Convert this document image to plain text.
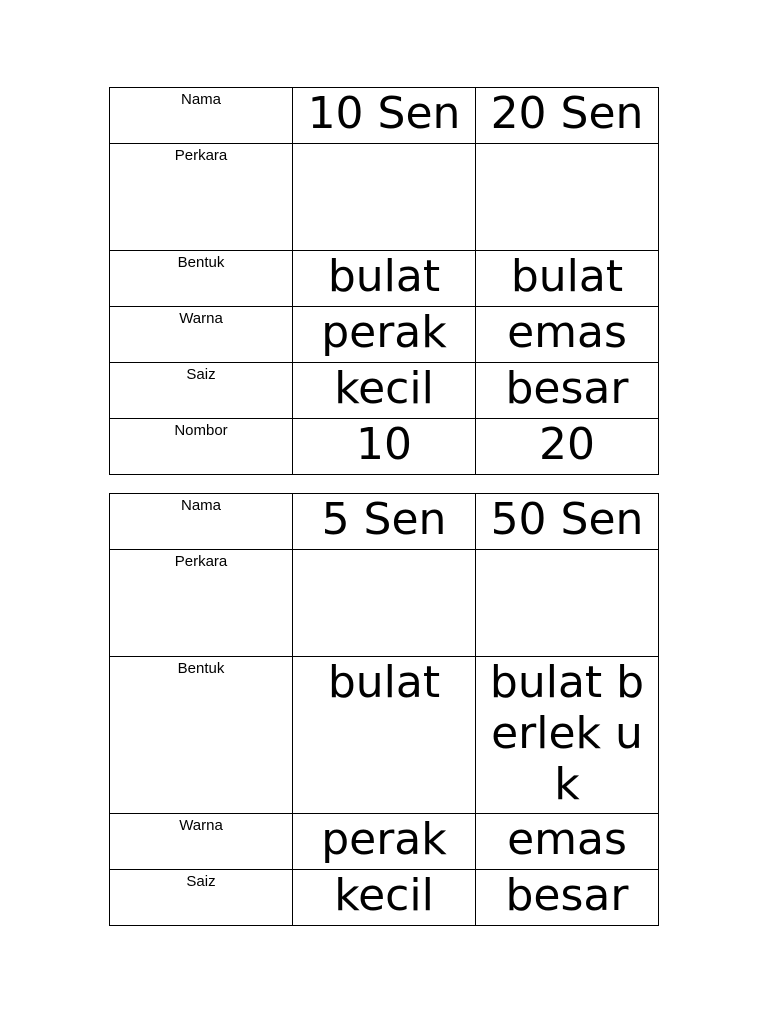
Nama	10 Sen	20 Sen
Perkara		
Bentuk	bulat	bulat
Warna	perak	emas
Saiz	kecil	besar
Nombor	10	20
Nama	5 Sen	50 Sen
Perkara		
Bentuk	bulat	bulat berlek uk

Warna	perak	emas
Saiz	kecil	besar
